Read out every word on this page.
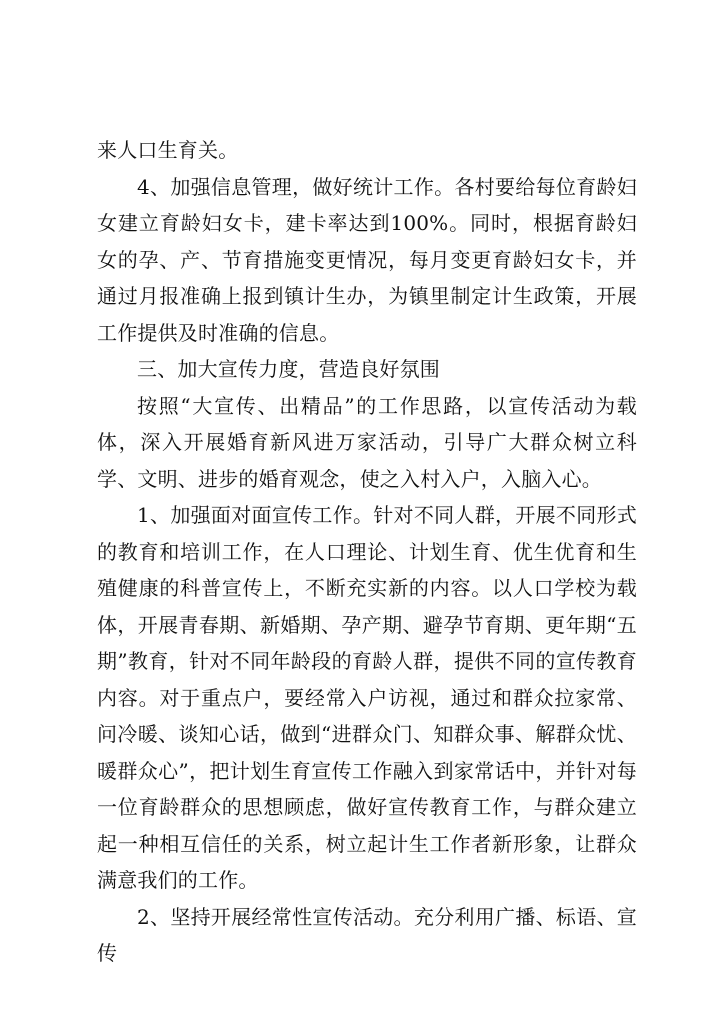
来人口生育关。

4、加强信息管理，做好统计工作。各村要给每位育龄妇女建立育龄妇女卡，建卡率达到100%。同时，根据育龄妇女的孕、产、节育措施变更情况，每月变更育龄妇女卡，并通过月报准确上报到镇计生办，为镇里制定计生政策，开展工作提供及时准确的信息。

三、加大宣传力度，营造良好氛围

按照“大宣传、出精品”的工作思路，以宣传活动为载体，深入开展婚育新风进万家活动，引导广大群众树立科学、文明、进步的婚育观念，使之入村入户，入脑入心。

1、加强面对面宣传工作。针对不同人群，开展不同形式的教育和培训工作，在人口理论、计划生育、优生优育和生殖健康的科普宣传上，不断充实新的内容。以人口学校为载体，开展青春期、新婚期、孕产期、避孕节育期、更年期“五期”教育，针对不同年龄段的育龄人群，提供不同的宣传教育内容。对于重点户，要经常入户访视，通过和群众拉家常、问冷暖、谈知心话，做到“进群众门、知群众事、解群众忧、暖群众心”，把计划生育宣传工作融入到家常话中，并针对每一位育龄群众的思想顾虑，做好宣传教育工作，与群众建立起一种相互信任的关系，树立起计生工作者新形象，让群众满意我们的工作。

2、坚持开展经常性宣传活动。充分利用广播、标语、宣传
